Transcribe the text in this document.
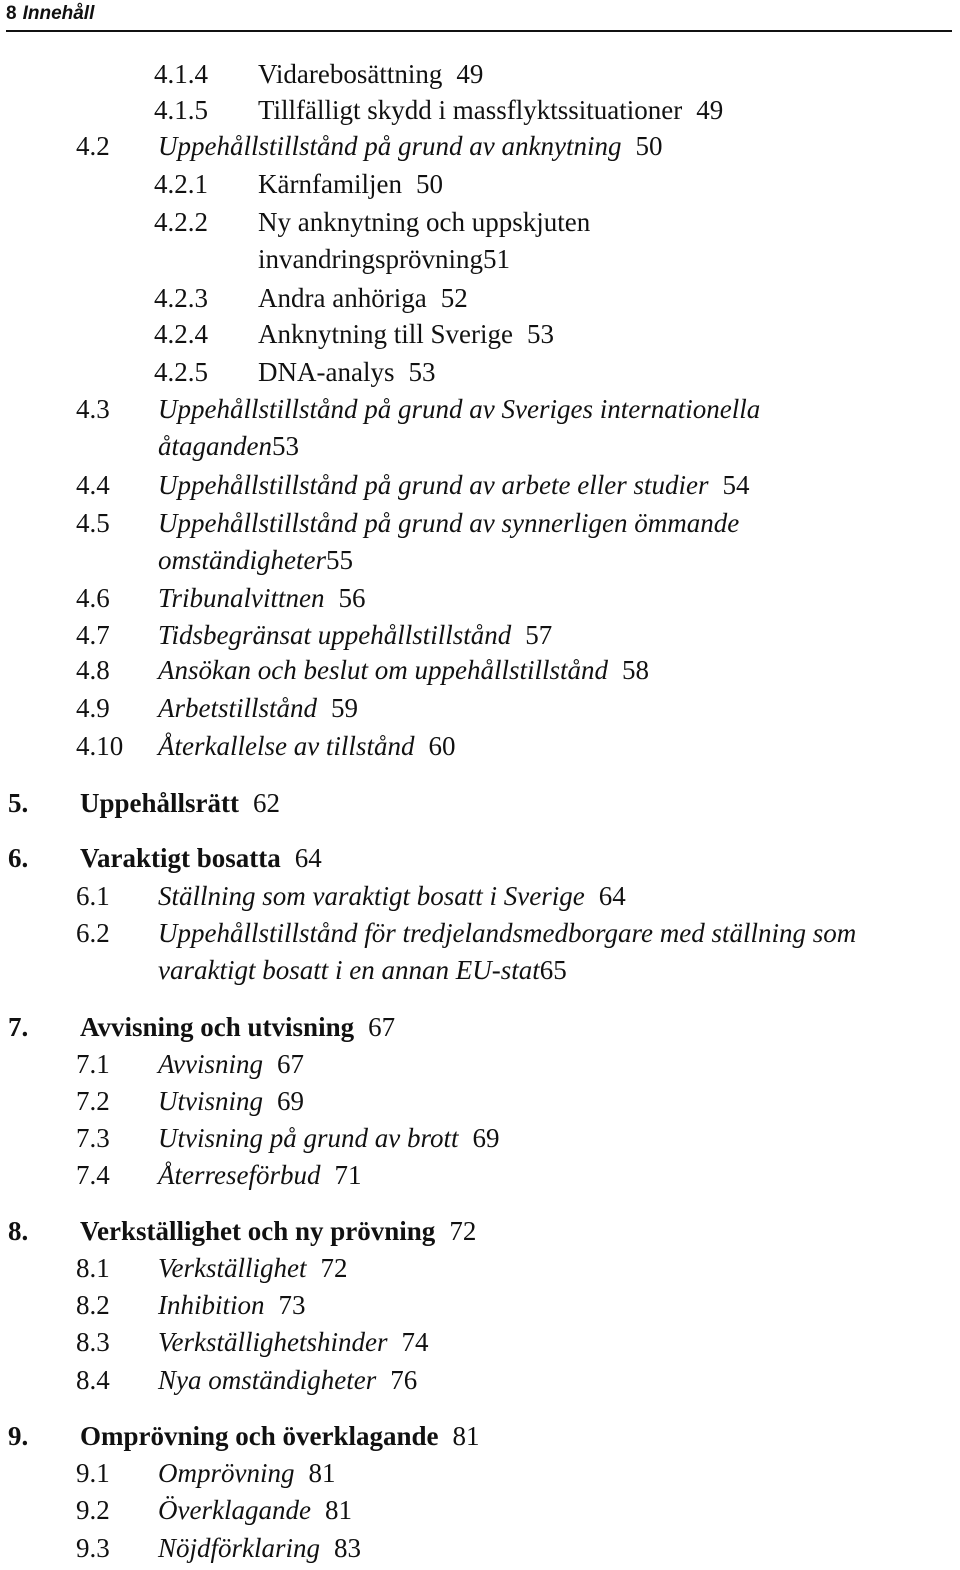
8 Innehåll
4.1.4 Vidarebosättning 49
4.1.5 Tillfälligt skydd i massflyktssituationer 49
4.2 Uppehållstillstånd på grund av anknytning 50
4.2.1 Kärnfamiljen 50
4.2.2 Ny anknytning och uppskjuten
invandringsprövning51
4.2.3 Andra anhöriga 52
4.2.4 Anknytning till Sverige 53
4.2.5 DNA-analys 53
4.3 Uppehållstillstånd på grund av Sveriges internationella
åtaganden53
4.4 Uppehållstillstånd på grund av arbete eller studier 54
4.5 Uppehållstillstånd på grund av synnerligen ömmande
omständigheter55
4.6 Tribunalvittnen 56
4.7 Tidsbegränsat uppehållstillstånd 57
4.8 Ansökan och beslut om uppehållstillstånd 58
4.9 Arbetstillstånd 59
4.10 Återkallelse av tillstånd 60
5. Uppehållsrätt 62
6. Varaktigt bosatta 64
6.1 Ställning som varaktigt bosatt i Sverige 64
6.2 Uppehållstillstånd för tredjelandsmedborgare med ställning som
varaktigt bosatt i en annan EU-stat65
7. Avvisning och utvisning 67
7.1 Avvisning 67
7.2 Utvisning 69
7.3 Utvisning på grund av brott 69
7.4 Återreseförbud 71
8. Verkställighet och ny prövning 72
8.1 Verkställighet 72
8.2 Inhibition 73
8.3 Verkställighetshinder 74
8.4 Nya omständigheter 76
9. Omprövning och överklagande 81
9.1 Omprövning 81
9.2 Överklagande 81
9.3 Nöjdförklaring 83
